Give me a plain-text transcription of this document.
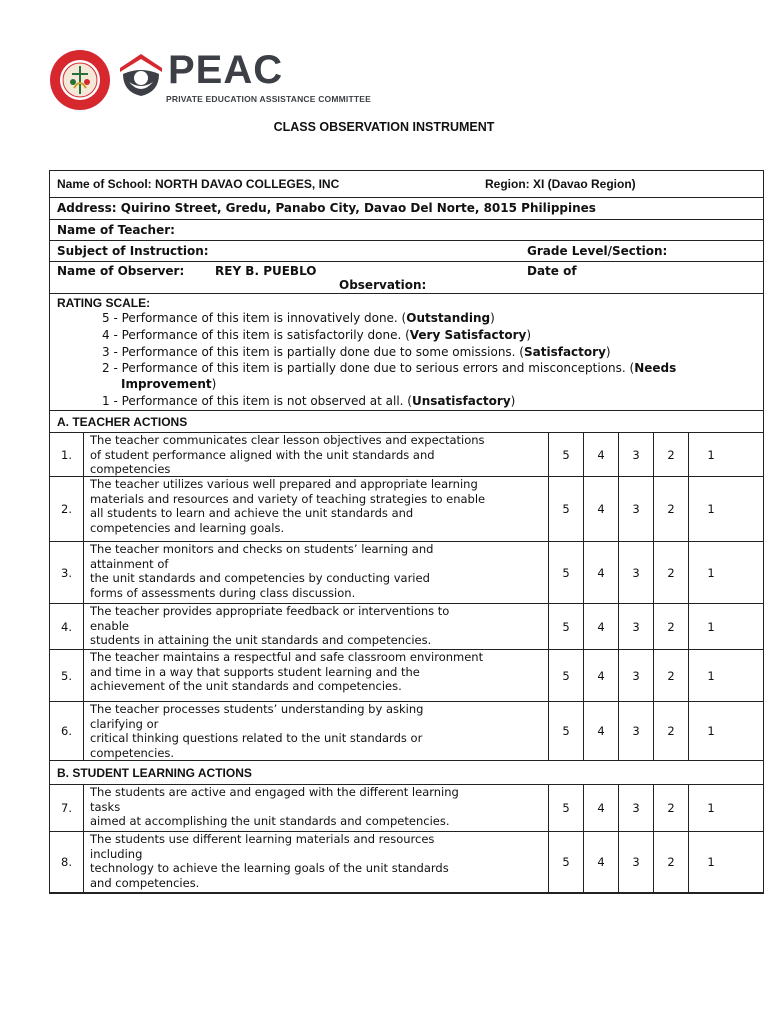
PEAC
PRIVATE EDUCATION ASSISTANCE COMMITTEE
CLASS OBSERVATION INSTRUMENT
Name of School: NORTH DAVAO COLLEGES, INC	Region: XI (Davao Region)
Address: Quirino Street, Gredu, Panabo City, Davao Del Norte, 8015 Philippines
Name of Teacher:
Subject of Instruction:	Grade Level/Section:
Name of Observer:	REY B. PUEBLO	Date of
Observation:
RATING SCALE:
5 - Performance of this item is innovatively done. (Outstanding)
4 - Performance of this item is satisfactorily done. (Very Satisfactory)
3 - Performance of this item is partially done due to some omissions. (Satisfactory)
2 - Performance of this item is partially done due to serious errors and misconceptions. (Needs
Improvement)
1 - Performance of this item is not observed at all. (Unsatisfactory)
A. TEACHER ACTIONS
1.
The teacher communicates clear lesson objectives and expectations
of student performance aligned with the unit standards and
competencies
5	4	3	2	1
2.
The teacher utilizes various well prepared and appropriate learning
materials and resources and variety of teaching strategies to enable
all students to learn and achieve the unit standards and
competencies and learning goals.
5	4	3	2	1
3.
The teacher monitors and checks on students’ learning and
attainment of
the unit standards and competencies by conducting varied
forms of assessments during class discussion.
5	4	3	2	1
4.
The teacher provides appropriate feedback or interventions to
enable
students in attaining the unit standards and competencies.
5	4	3	2	1
5.
The teacher maintains a respectful and safe classroom environment
and time in a way that supports student learning and the
achievement of the unit standards and competencies.
5	4	3	2	1
6.
The teacher processes students’ understanding by asking
clarifying or
critical thinking questions related to the unit standards or
competencies.
5	4	3	2	1
B. STUDENT LEARNING ACTIONS
7.
The students are active and engaged with the different learning
tasks
aimed at accomplishing the unit standards and competencies.
5	4	3	2	1
8.
The students use different learning materials and resources
including
technology to achieve the learning goals of the unit standards
and competencies.
5	4	3	2	1
